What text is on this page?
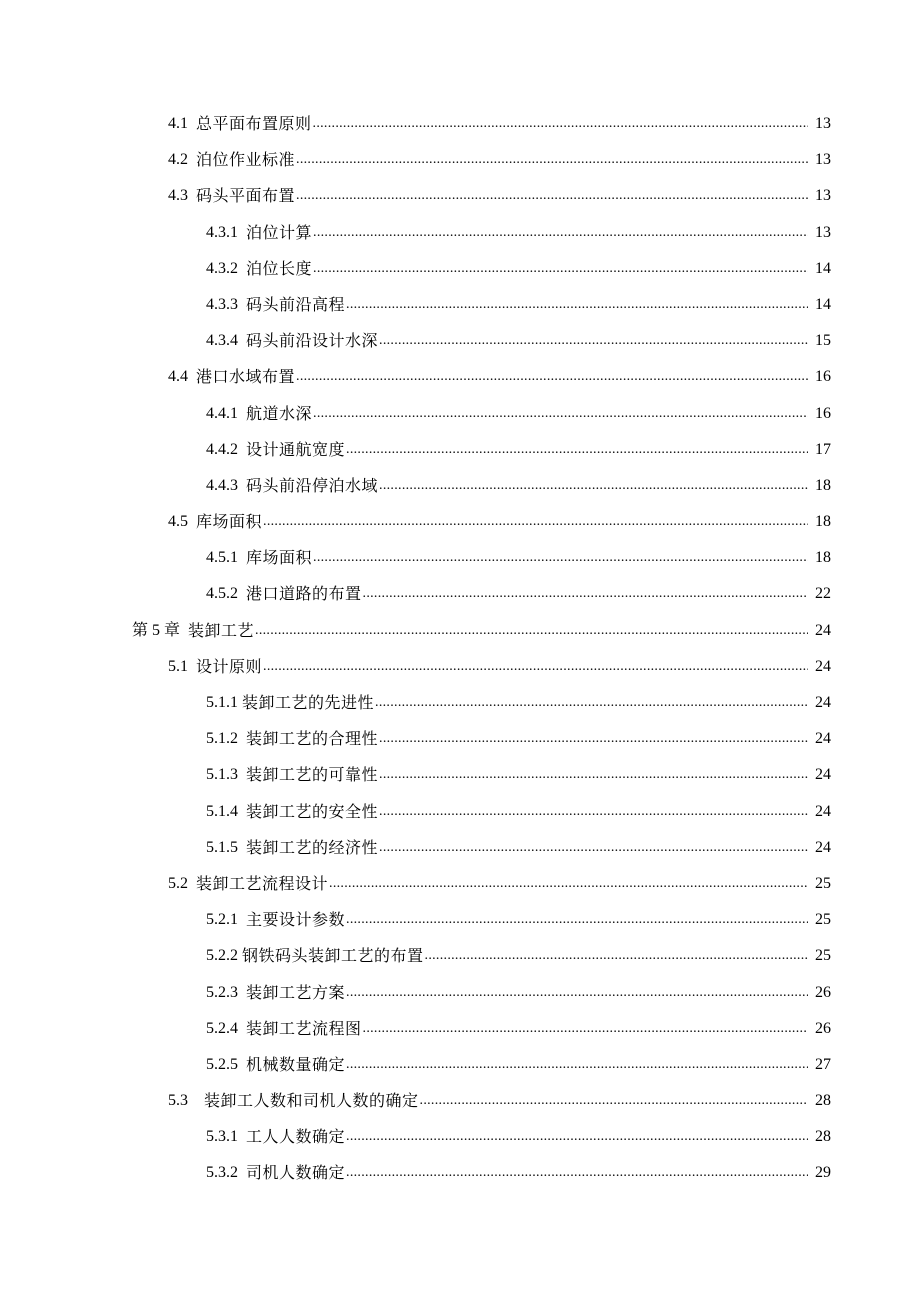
4.1 总平面布置原则 .....	13
4.2 泊位作业标准 .....	13
4.3 码头平面布置 .....	13
4.3.1 泊位计算 .....	13
4.3.2 泊位长度 .....	14
4.3.3 码头前沿高程 .....	14
4.3.4 码头前沿设计水深 .....	15
4.4 港口水域布置 .....	16
4.4.1 航道水深 .....	16
4.4.2 设计通航宽度 .....	17
4.4.3 码头前沿停泊水域 .....	18
4.5 库场面积 .....	18
4.5.1 库场面积 .....	18
4.5.2 港口道路的布置 .....	22
第 5 章 装卸工艺 .....	24
5.1 设计原则 .....	24
5.1.1 装卸工艺的先进性 .....	24
5.1.2 装卸工艺的合理性 .....	24
5.1.3 装卸工艺的可靠性 .....	24
5.1.4 装卸工艺的安全性 .....	24
5.1.5 装卸工艺的经济性 .....	24
5.2 装卸工艺流程设计 .....	25
5.2.1 主要设计参数 .....	25
5.2.2 钢铁码头装卸工艺的布置 .....	25
5.2.3 装卸工艺方案 .....	26
5.2.4 装卸工艺流程图 .....	26
5.2.5 机械数量确定 .....	27
5.3 装卸工人数和司机人数的确定 .....	28
5.3.1 工人人数确定 .....	28
5.3.2 司机人数确定 .....	29
